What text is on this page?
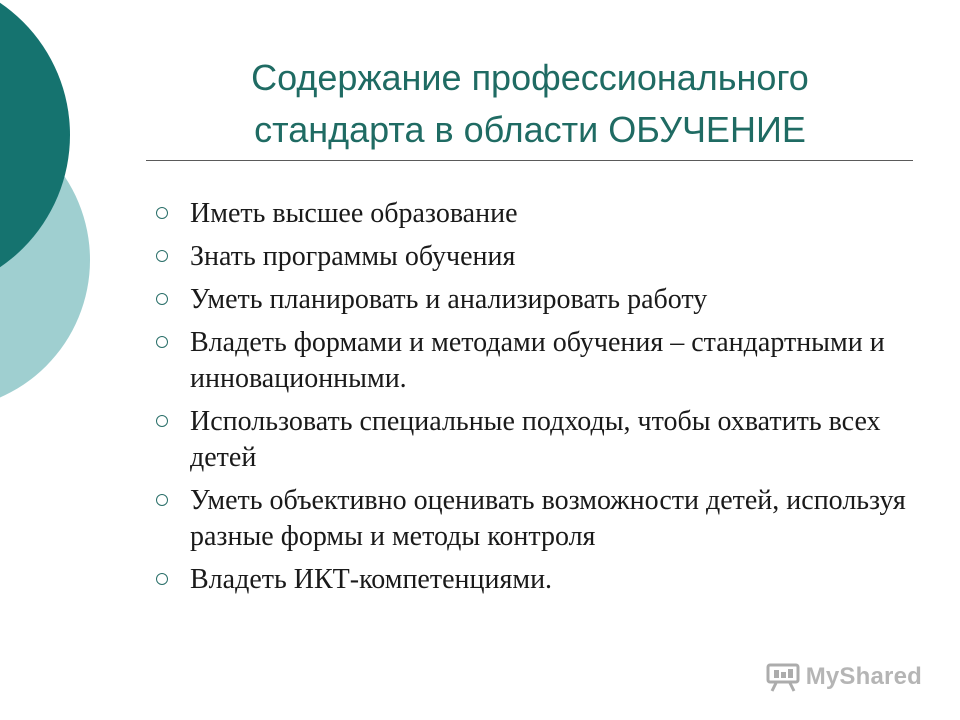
Содержание профессионального
стандарта в области ОБУЧЕНИЕ
Иметь высшее образование
Знать программы обучения
Уметь планировать и анализировать работу
Владеть формами и методами обучения – стандартными и инновационными.
Использовать специальные подходы, чтобы охватить всех детей
Уметь объективно оценивать возможности детей, используя разные формы и методы контроля
Владеть ИКТ-компетенциями.
MyShared
